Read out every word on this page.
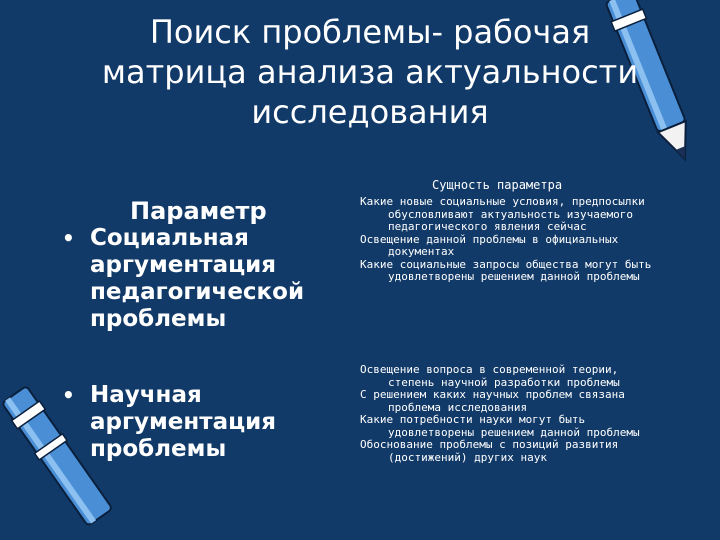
Поиск проблемы- рабочая
матрица анализа актуальности
исследования
Параметр
• Социальная аргументация педагогической проблемы
• Научная аргументация проблемы
Сущность параметра
Какие новые социальные условия, предпосылки обусловливают актуальность изучаемого педагогического явления сейчас
Освещение данной проблемы в официальных документах
Какие социальные запросы общества могут быть удовлетворены решением данной проблемы
Освещение вопроса в современной теории, степень научной разработки проблемы
С решением каких научных проблем связана проблема исследования
Какие потребности науки могут быть удовлетворены решением данной проблемы
Обоснование проблемы с позиций развития (достижений) других наук
